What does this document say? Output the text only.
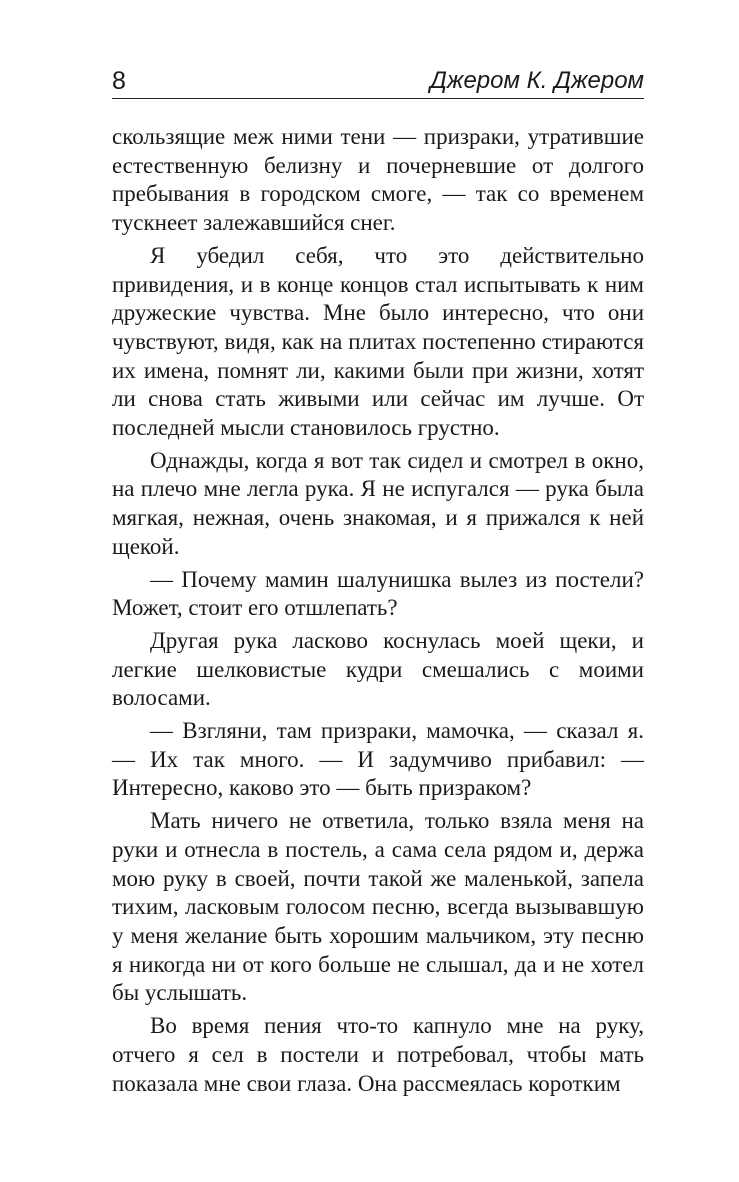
8	Джером К. Джером

скользящие меж ними тени — призраки, утратившие естественную белизну и почерневшие от долгого пребывания в городском смоге, — так со временем тускнеет залежавшийся снег.

Я убедил себя, что это действительно привидения, и в конце концов стал испытывать к ним дружеские чувства. Мне было интересно, что они чувствуют, видя, как на плитах постепенно стираются их имена, помнят ли, какими были при жизни, хотят ли снова стать живыми или сейчас им лучше. От последней мысли становилось грустно.

Однажды, когда я вот так сидел и смотрел в окно, на плечо мне легла рука. Я не испугался — рука была мягкая, нежная, очень знакомая, и я прижался к ней щекой.

— Почему мамин шалунишка вылез из постели? Может, стоит его отшлепать?

Другая рука ласково коснулась моей щеки, и легкие шелковистые кудри смешались с моими волосами.

— Взгляни, там призраки, мамочка, — сказал я. — Их так много. — И задумчиво прибавил: — Интересно, каково это — быть призраком?

Мать ничего не ответила, только взяла меня на руки и отнесла в постель, а сама села рядом и, держа мою руку в своей, почти такой же маленькой, запела тихим, ласковым голосом песню, всегда вызывавшую у меня желание быть хорошим мальчиком, эту песню я никогда ни от кого больше не слышал, да и не хотел бы услышать.

Во время пения что-то капнуло мне на руку, отчего я сел в постели и потребовал, чтобы мать показала мне свои глаза. Она рассмеялась коротким
